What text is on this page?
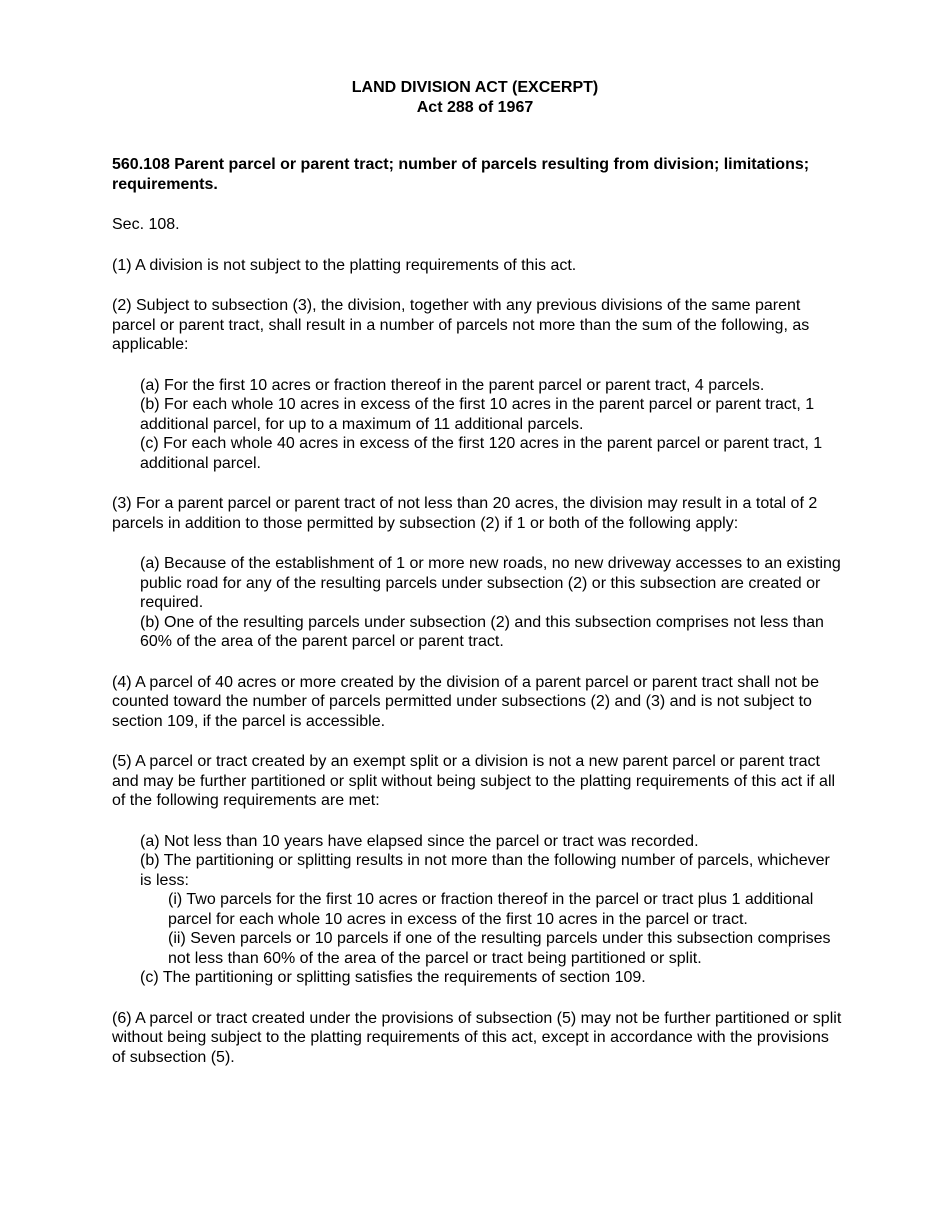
LAND DIVISION ACT (EXCERPT)
Act 288 of 1967

560.108 Parent parcel or parent tract; number of parcels resulting from division; limitations; requirements.

Sec. 108.

(1) A division is not subject to the platting requirements of this act.

(2) Subject to subsection (3), the division, together with any previous divisions of the same parent parcel or parent tract, shall result in a number of parcels not more than the sum of the following, as applicable:

(a) For the first 10 acres or fraction thereof in the parent parcel or parent tract, 4 parcels.

(b) For each whole 10 acres in excess of the first 10 acres in the parent parcel or parent tract, 1 additional parcel, for up to a maximum of 11 additional parcels.

(c) For each whole 40 acres in excess of the first 120 acres in the parent parcel or parent tract, 1 additional parcel.

(3) For a parent parcel or parent tract of not less than 20 acres, the division may result in a total of 2 parcels in addition to those permitted by subsection (2) if 1 or both of the following apply:

(a) Because of the establishment of 1 or more new roads, no new driveway accesses to an existing public road for any of the resulting parcels under subsection (2) or this subsection are created or required.

(b) One of the resulting parcels under subsection (2) and this subsection comprises not less than 60% of the area of the parent parcel or parent tract.

(4) A parcel of 40 acres or more created by the division of a parent parcel or parent tract shall not be counted toward the number of parcels permitted under subsections (2) and (3) and is not subject to section 109, if the parcel is accessible.

(5) A parcel or tract created by an exempt split or a division is not a new parent parcel or parent tract and may be further partitioned or split without being subject to the platting requirements of this act if all of the following requirements are met:

(a) Not less than 10 years have elapsed since the parcel or tract was recorded.

(b) The partitioning or splitting results in not more than the following number of parcels, whichever is less:

(i) Two parcels for the first 10 acres or fraction thereof in the parcel or tract plus 1 additional parcel for each whole 10 acres in excess of the first 10 acres in the parcel or tract.

(ii) Seven parcels or 10 parcels if one of the resulting parcels under this subsection comprises not less than 60% of the area of the parcel or tract being partitioned or split.

(c) The partitioning or splitting satisfies the requirements of section 109.

(6) A parcel or tract created under the provisions of subsection (5) may not be further partitioned or split without being subject to the platting requirements of this act, except in accordance with the provisions of subsection (5).
